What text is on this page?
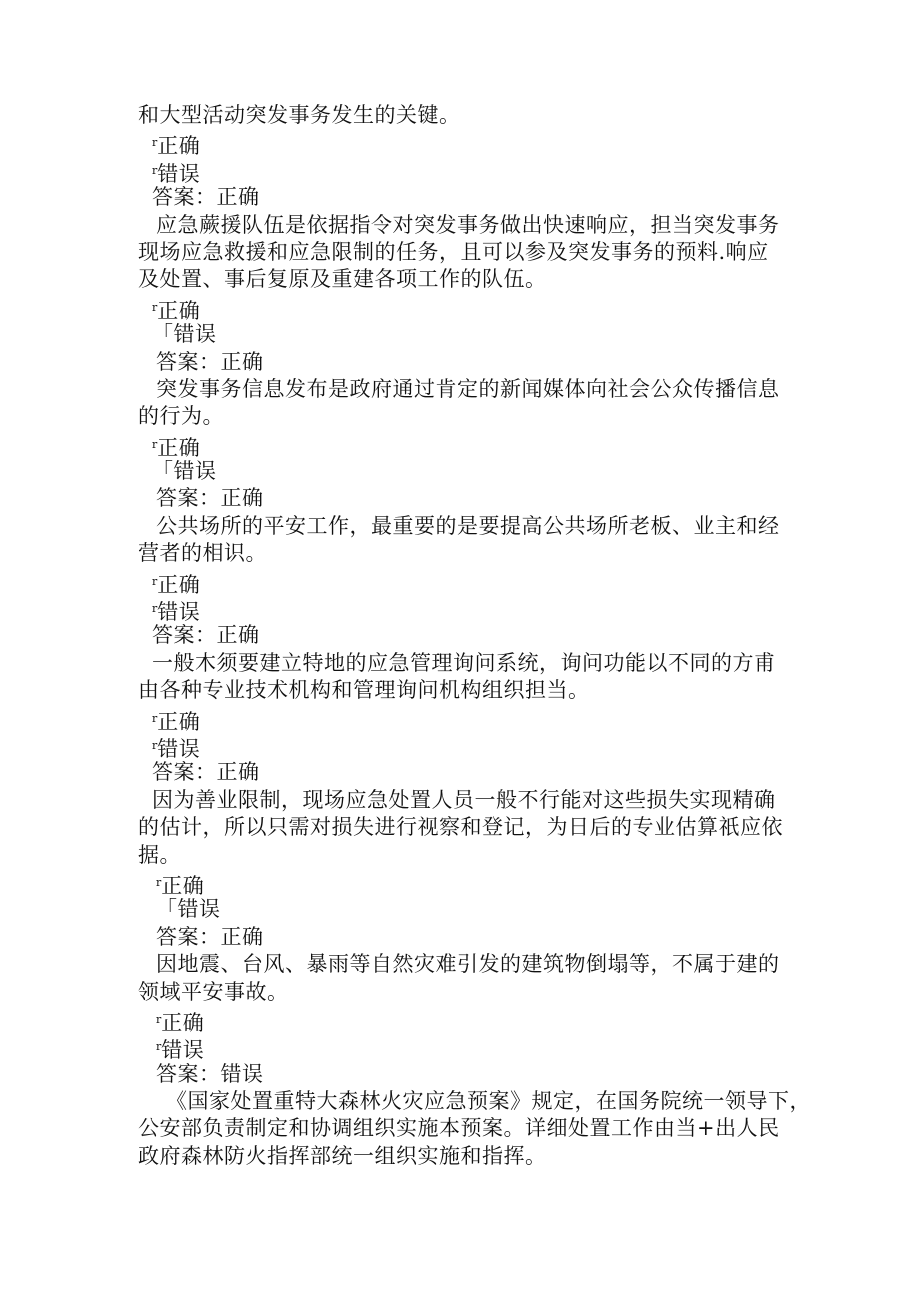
和大型活动突发事务发生的关键。
$^r$正确
$^r$错误
答案：正确
应急蕨援队伍是依据指令对突发事务做出快速响应，担当突发事务
现场应急救援和应急限制的任务，且可以参及突发事务的预料.响应
及处置、事后复原及重建各项工作的队伍。
$^r$正确
「错误
答案：正确
突发事务信息发布是政府通过肯定的新闻媒体向社会公众传播信息
的行为。
$^r$正确
「错误
答案：正确
公共场所的平安工作，最重要的是要提高公共场所老板、业主和经
营者的相识。
$^r$正确
$^r$错误
答案：正确
一般木须要建立特地的应急管理询问系统，询问功能以不同的方甫
由各种专业技术机构和管理询问机构组织担当。
$^r$正确
$^r$错误
答案：正确
因为善业限制，现场应急处置人员一般不行能对这些损失实现精确
的估计，所以只需对损失进行视察和登记，为日后的专业估算祇应依
据。
$^r$正确
「错误
答案：正确
因地震、台风、暴雨等自然灾难引发的建筑物倒塌等，不属于建的
领域平安事故。
$^r$正确
$^r$错误
答案：错误
《国家处置重特大森林火灾应急预案》规定，在国务院统一领导下，
公安部负责制定和协调组织实施本预案。详细处置工作由当+出人民
政府森林防火指挥部统一组织实施和指挥。
